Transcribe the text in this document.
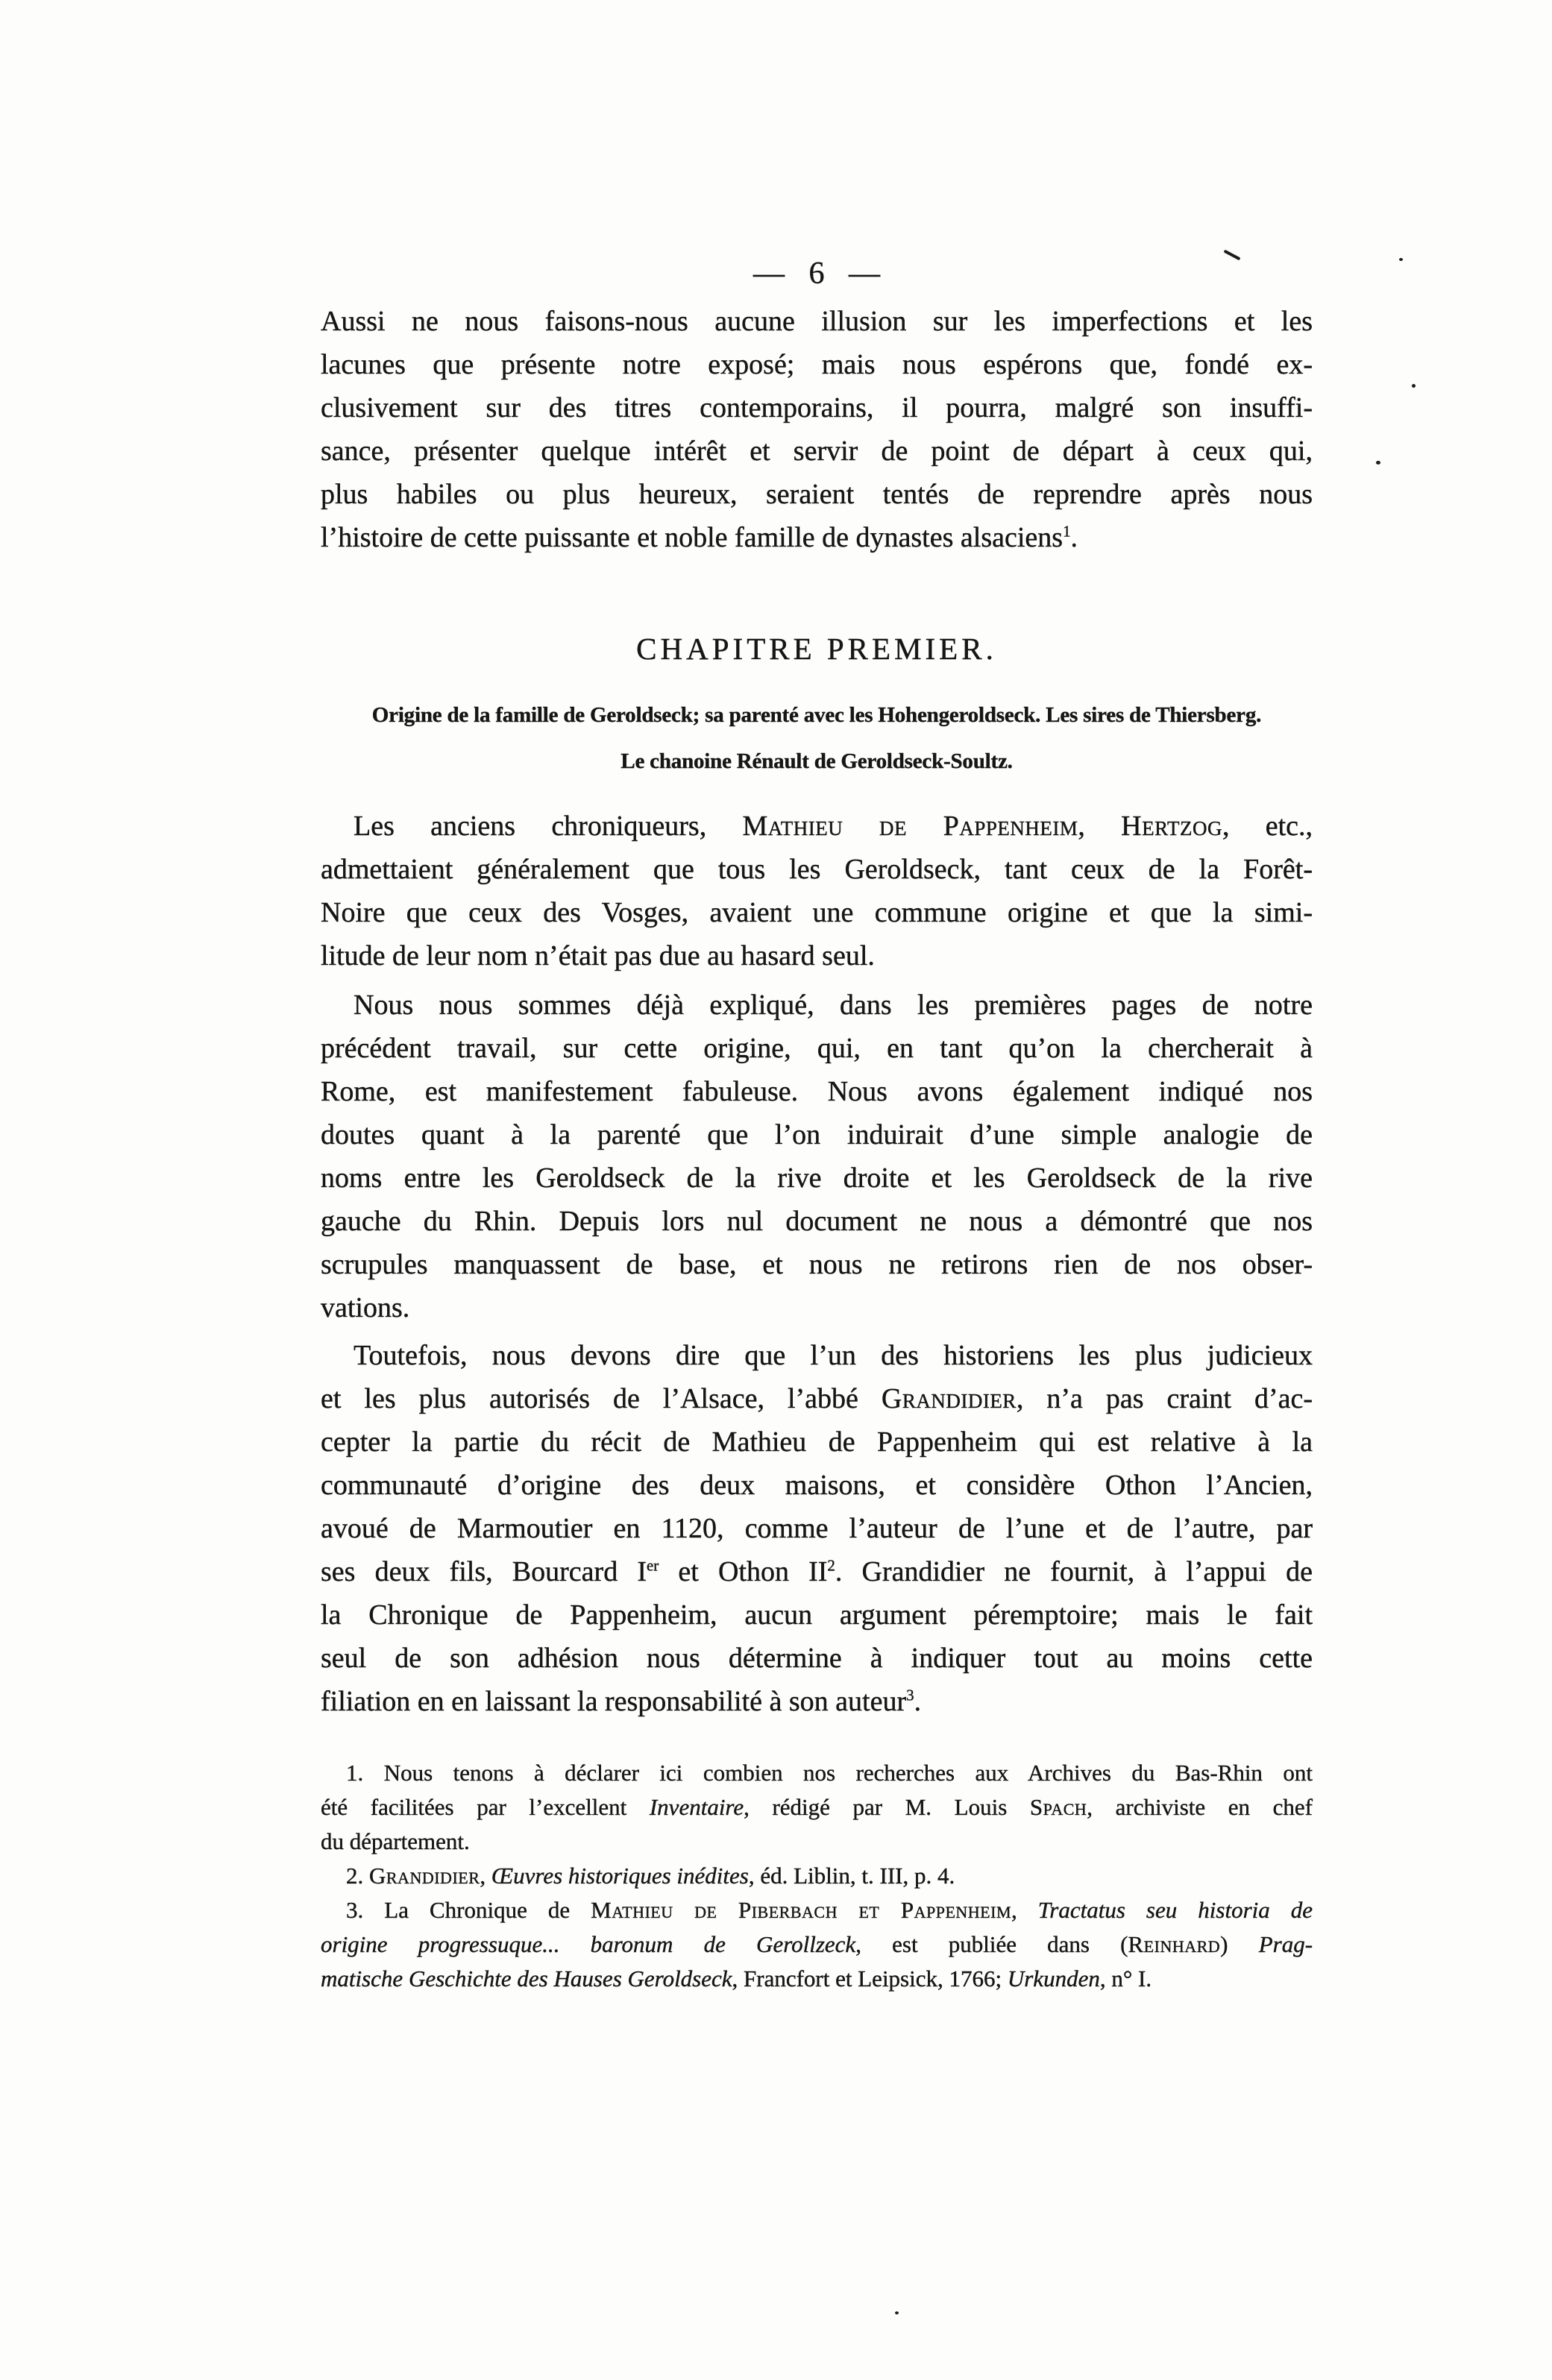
— 6 —
Aussi ne nous faisons-nous aucune illusion sur les imperfections et les
lacunes que présente notre exposé; mais nous espérons que, fondé ex-
clusivement sur des titres contemporains, il pourra, malgré son insuffi-
sance, présenter quelque intérêt et servir de point de départ à ceux qui,
plus habiles ou plus heureux, seraient tentés de reprendre après nous
l’histoire de cette puissante et noble famille de dynastes alsaciens$^1$.
CHAPITRE PREMIER.
Origine de la famille de Geroldseck; sa parenté avec les Hohengeroldseck. Les sires de Thiersberg.
Le chanoine Rénault de Geroldseck-Soultz.
Les anciens chroniqueurs, Mathieu de Pappenheim, Hertzog, etc.,
admettaient généralement que tous les Geroldseck, tant ceux de la Forêt-
Noire que ceux des Vosges, avaient une commune origine et que la simi-
litude de leur nom n’était pas due au hasard seul.
Nous nous sommes déjà expliqué, dans les premières pages de notre
précédent travail, sur cette origine, qui, en tant qu’on la chercherait à
Rome, est manifestement fabuleuse. Nous avons également indiqué nos
doutes quant à la parenté que l’on induirait d’une simple analogie de
noms entre les Geroldseck de la rive droite et les Geroldseck de la rive
gauche du Rhin. Depuis lors nul document ne nous a démontré que nos
scrupules manquassent de base, et nous ne retirons rien de nos obser-
vations.
Toutefois, nous devons dire que l’un des historiens les plus judicieux
et les plus autorisés de l’Alsace, l’abbé Grandidier, n’a pas craint d’ac-
cepter la partie du récit de Mathieu de Pappenheim qui est relative à la
communauté d’origine des deux maisons, et considère Othon l’Ancien,
avoué de Marmoutier en 1120, comme l’auteur de l’une et de l’autre, par
ses deux fils, Bourcard Ier et Othon $II^2$. Grandidier ne fournit, à l’appui de
la Chronique de Pappenheim, aucun argument péremptoire; mais le fait
seul de son adhésion nous détermine à indiquer tout au moins cette
filiation en en laissant la responsabilité à son auteur$^3$.
1. Nous tenons à déclarer ici combien nos recherches aux Archives du Bas-Rhin ont
été facilitées par l’excellent Inventaire, rédigé par M. Louis Spach, archiviste en chef
du département.
2. Grandidier, Œuvres historiques inédites, éd. Liblin, t. III, p. 4.
3. La Chronique de Mathieu de Piberbach et Pappenheim, Tractatus seu historia de
origine progressuque... baronum de Gerollzeck, est publiée dans (Reinhard) Prag-
matische Geschichte des Hauses Geroldseck, Francfort et Leipsick, 1766; Urkunden, n° I.
